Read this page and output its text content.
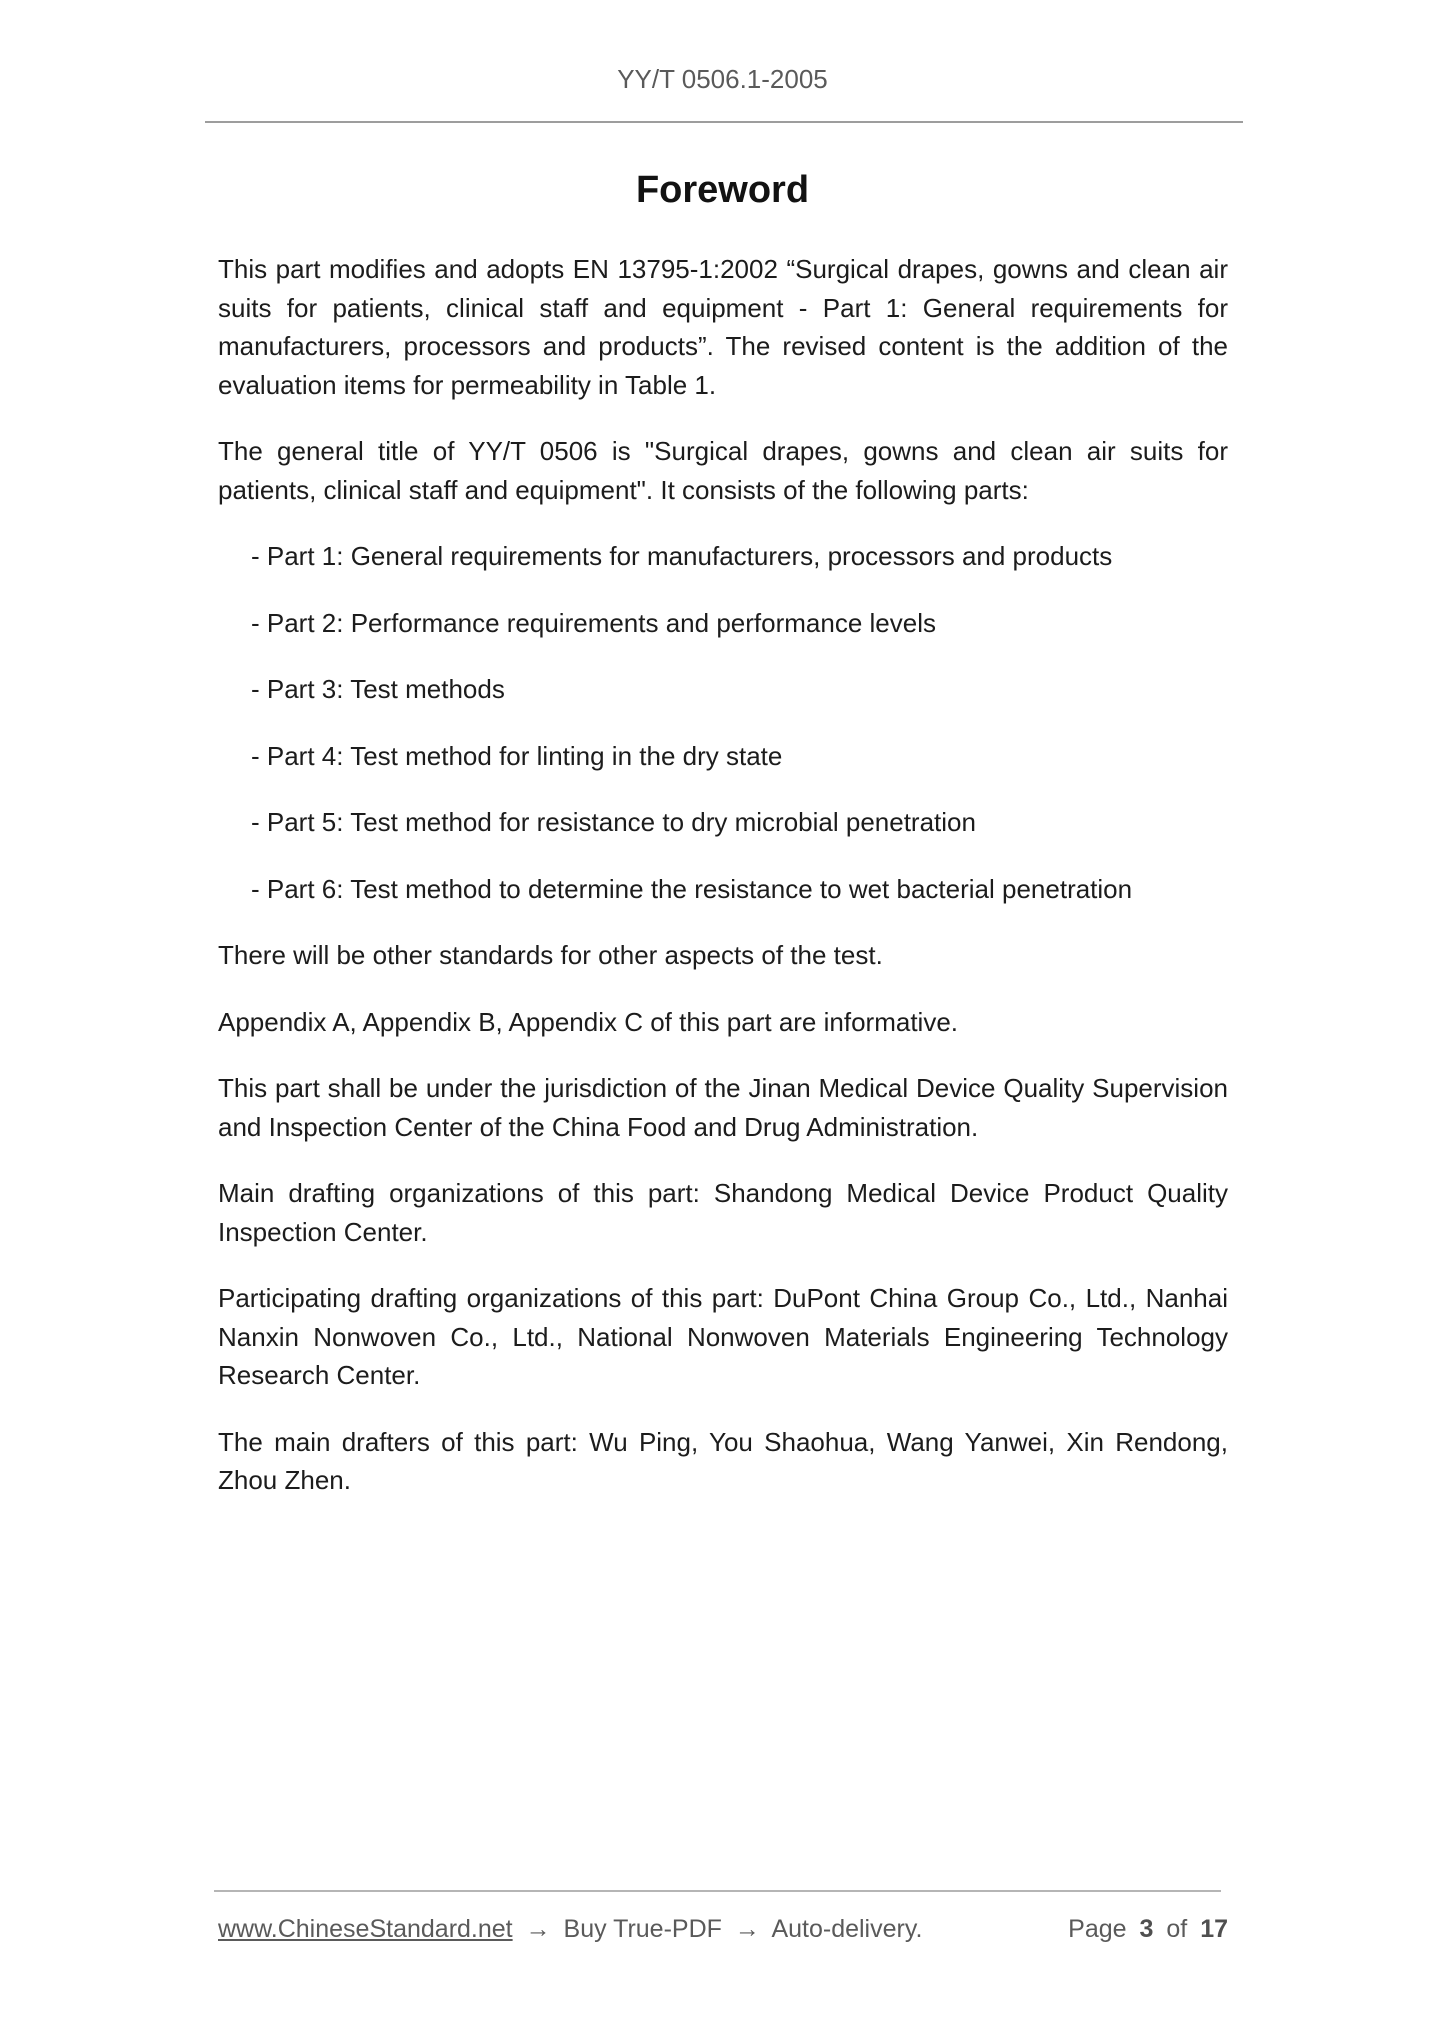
YY/T 0506.1-2005
Foreword

This part modifies and adopts EN 13795-1:2002 “Surgical drapes, gowns and clean air suits for patients, clinical staff and equipment - Part 1: General requirements for manufacturers, processors and products”. The revised content is the addition of the evaluation items for permeability in Table 1.

The general title of YY/T 0506 is "Surgical drapes, gowns and clean air suits for patients, clinical staff and equipment". It consists of the following parts:

- Part 1: General requirements for manufacturers, processors and products
- Part 2: Performance requirements and performance levels
- Part 3: Test methods
- Part 4: Test method for linting in the dry state
- Part 5: Test method for resistance to dry microbial penetration
- Part 6: Test method to determine the resistance to wet bacterial penetration

There will be other standards for other aspects of the test.

Appendix A, Appendix B, Appendix C of this part are informative.

This part shall be under the jurisdiction of the Jinan Medical Device Quality Supervision and Inspection Center of the China Food and Drug Administration.

Main drafting organizations of this part: Shandong Medical Device Product Quality Inspection Center.

Participating drafting organizations of this part: DuPont China Group Co., Ltd., Nanhai Nanxin Nonwoven Co., Ltd., National Nonwoven Materials Engineering Technology Research Center.

The main drafters of this part: Wu Ping, You Shaohua, Wang Yanwei, Xin Rendong, Zhou Zhen.

www.ChineseStandard.net → Buy True-PDF → Auto-delivery.	Page 3 of 17
